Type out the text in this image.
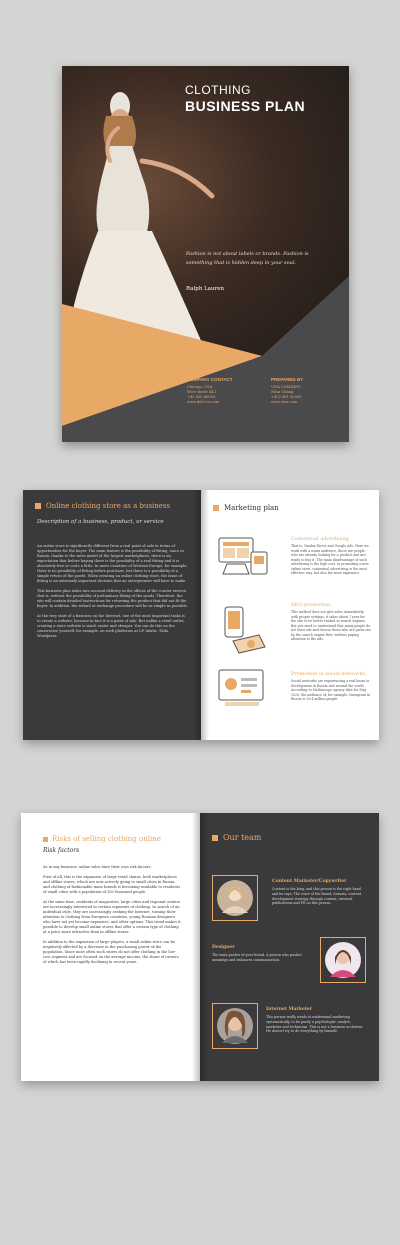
CLOTHING
BUSINESS PLAN
Fashion is not about labels or brands. Fashion is something that is hidden deep in your soul.
Ralph Lauren
COMPANY CONTACT
Chicago, USA
Wice street 44.1
+42 000 40000
www.dolci.ss.com
PREPARED BY
VIVA COMPANY
Nilsa Chang
+432 451 00000
www.viva.com
Online clothing store as a business
Description of a business, product, or service

An online store is significantly different from a real point of sale in terms of opportunities for the buyer. The main feature is the possibility of fitting, since in Russia, thanks to the sales model of the largest marketplaces, there is an expectation that before buying there is the possibility of a real fitting and it is absolutely free or costs a little. In more countries of Western Europe, for example, there is no possibility of fitting before purchase, but there is a possibility of a simple return of the goods. When creating an online clothing store, the issue of fitting is an extremely important decision that an entrepreneur will have to make.

This business plan takes into account delivery in the offices of the courier service, that is, without the possibility of preliminary fitting of the goods. Therefore, the site will contain detailed instructions for returning the product that did not fit the buyer. In addition, the refund or exchange procedure will be as simple as possible.

At the very start of a business on the Internet, one of the most important tasks is to create a website, because in fact it is a point of sale. But unlike a retail outlet, creating a store website is much easier and cheaper. You can do this on the constructor yourself, for example, on such platforms as LP, Inlabs, Tilda, Wordpress.

Marketing plan
Contextual advertising
That is, Yandex Direct and Google Ads. Here we work with a warm audience, those are people who are already looking for a product and are ready to buy it. The main disadvantage of such advertising is the high cost. In promoting a new online store, contextual advertising is the most effective way, but also the most expensive.
SEO-promotion
This method does not give sales immediately, with proper settings, it takes about 1 year for the site to be better ranked in search engines. But you need to understand that many people do not trust ads and choose those who are given out by the search engine first, without paying attention to the ads.
Promotion in social networks.
Social networks are experiencing a real boom in development in Russia and around the world. According to Mediascope agency data for May 2020, the audience of, for example, Instagram in Russia is 59.4 million people.
Risks of selling clothing online
Risk factors

As in any business, online sales have their own risk factors.

First of all, this is the expansion of large retail chains, both marketplaces and offline stores, which are now actively going to small cities in Russia, and clothing of fashionable mass brands is becoming available to residents of small cities with a population of 200 thousand people.

At the same time, residents of megacities, large cities and regional centers are increasingly interested in certain segments of clothing. In search of an individual style, they are increasingly seeking the Internet, turning their attention to clothing from European countries, young Russian designers who have not yet become expensive, and other options. This trend makes it possible to develop small online stores that offer a certain type of clothing at a price more attractive than in offline stores.

In addition to the expansion of large players, a small online store can be negatively affected by a decrease in the purchasing power of the population. Since most often such stores do not offer clothing in the low-cost segment and are focused on the average income, the share of owners of which has been rapidly declining in recent years.

Our team
Content Marketer/Copywriter
Content is the king, and this person is the right hand and he says. The voice of the brand, formats, content, development strategy through content, external publications and PR on this person.
Designer
The main pusher of your brand. A person who pushes meanings and enhances communication.
Internet Marketer
This person really needs to understand marketing systematically, to be partly a psychologist, analyst, marketer and technician. This is not a business orchestra. He doesn't try to do everything by himself.
